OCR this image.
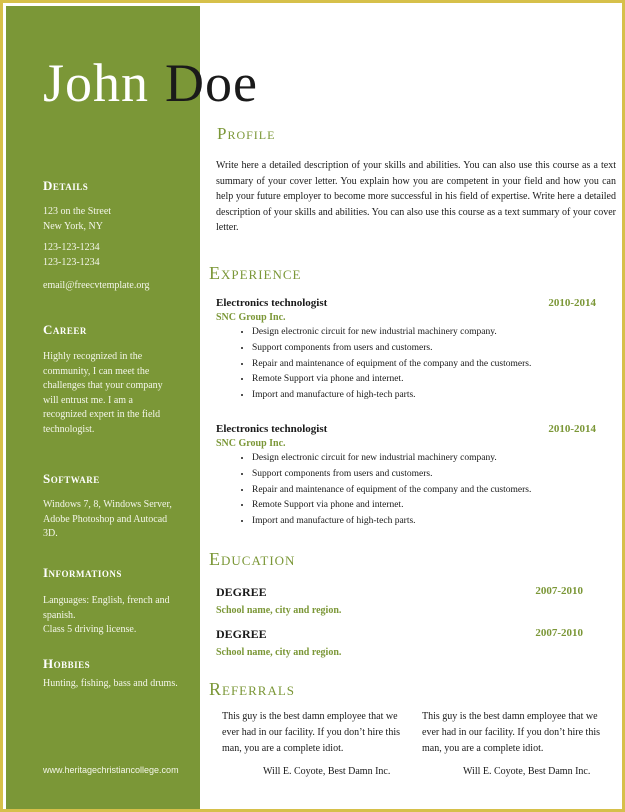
John Doe
Details
123 on the Street
New York, NY
123-123-1234
123-123-1234
email@freecvtemplate.org
Career
Highly recognized in the community, I can meet the challenges that your company will entrust me. I am a recognized expert in the field technologist.
Software
Windows 7, 8, Windows Server, Adobe Photoshop and Autocad 3D.
Informations
Languages: English, french and spanish.
Class 5 driving license.
Hobbies
Hunting, fishing, bass and drums.
www.heritagechristiancollege.com
Profile
Write here a detailed description of your skills and abilities. You can also use this course as a text summary of your cover letter. You explain how you are competent in your field and how you can help your future employer to become more successful in his field of expertise. Write here a detailed description of your skills and abilities. You can also use this course as a text summary of your cover letter.
Experience
Electronics technologist	2010-2014
SNC Group Inc.
• Design electronic circuit for new industrial machinery company.
• Support components from users and customers.
• Repair and maintenance of equipment of the company and the customers.
• Remote Support via phone and internet.
• Import and manufacture of high-tech parts.
Electronics technologist	2010-2014
SNC Group Inc.
• Design electronic circuit for new industrial machinery company.
• Support components from users and customers.
• Repair and maintenance of equipment of the company and the customers.
• Remote Support via phone and internet.
• Import and manufacture of high-tech parts.
Education
DEGREE	2007-2010
School name, city and region.
DEGREE	2007-2010
School name, city and region.
Referrals
This guy is the best damn employee that we ever had in our facility. If you don’t hire this man, you are a complete idiot.
Will E. Coyote, Best Damn Inc.
This guy is the best damn employee that we ever had in our facility. If you don’t hire this man, you are a complete idiot.
Will E. Coyote, Best Damn Inc.
